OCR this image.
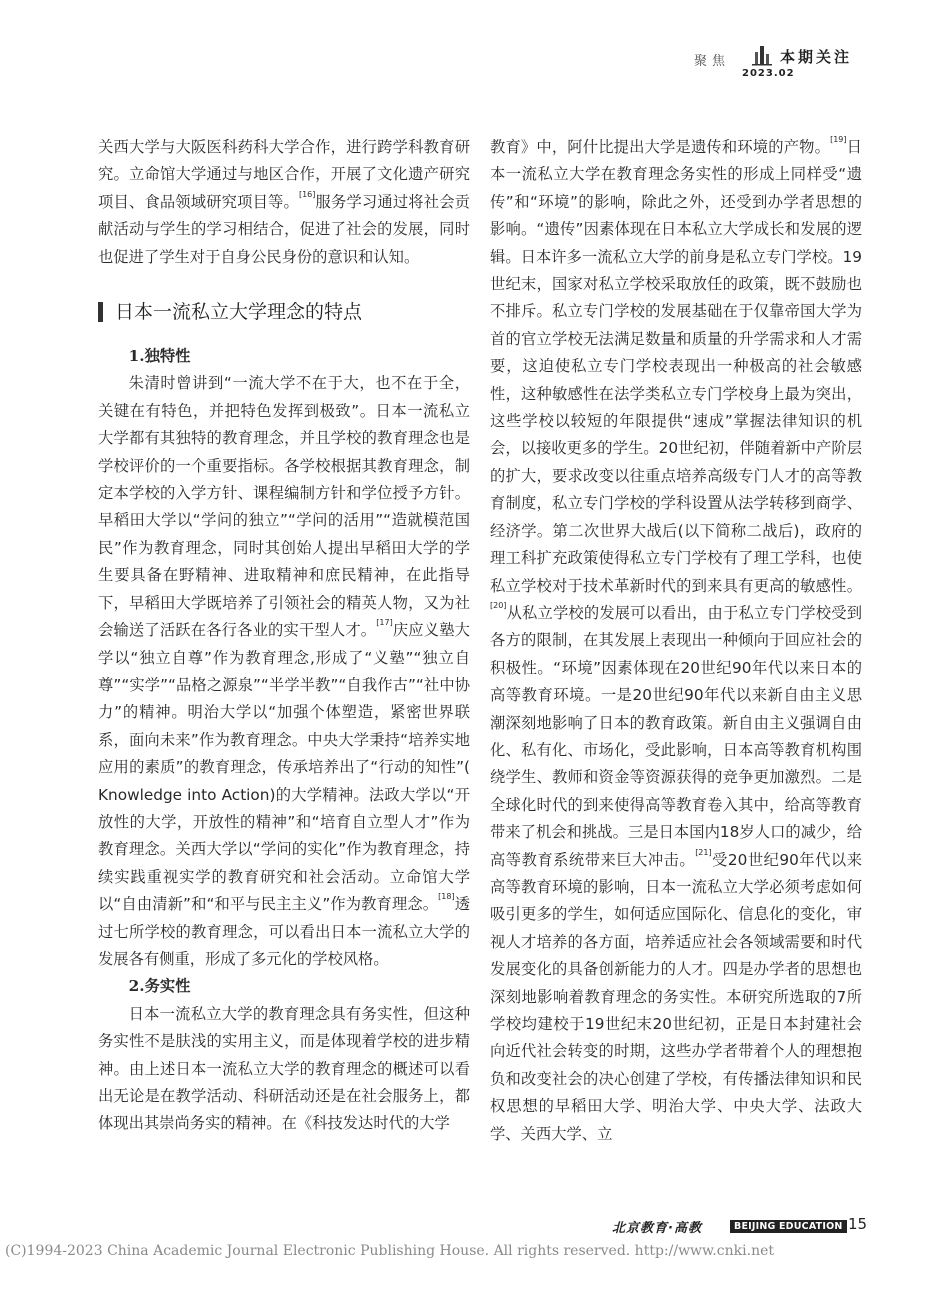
聚焦	本期关注
2023.02

关西大学与大阪医科药科大学合作，进行跨学科教育研究。立命馆大学通过与地区合作，开展了文化遗产研究项目、食品领域研究项目等。[16]服务学习通过将社会贡献活动与学生的学习相结合，促进了社会的发展，同时也促进了学生对于自身公民身份的意识和认知。

日本一流私立大学理念的特点

1.独特性

朱清时曾讲到“一流大学不在于大，也不在于全，关键在有特色，并把特色发挥到极致”。日本一流私立大学都有其独特的教育理念，并且学校的教育理念也是学校评价的一个重要指标。各学校根据其教育理念，制定本学校的入学方针、课程编制方针和学位授予方针。早稻田大学以“学问的独立”“学问的活用”“造就模范国民”作为教育理念，同时其创始人提出早稻田大学的学生要具备在野精神、进取精神和庶民精神，在此指导下，早稻田大学既培养了引领社会的精英人物，又为社会输送了活跃在各行各业的实干型人才。[17]庆应义塾大学以“独立自尊”作为教育理念,形成了“义塾”“独立自尊”“实学”“品格之源泉”“半学半教”“自我作古”“社中协力”的精神。明治大学以“加强个体塑造，紧密世界联系，面向未来”作为教育理念。中央大学秉持“培养实地应用的素质”的教育理念，传承培养出了“行动的知性”( Knowledge into Action)的大学精神。法政大学以“开放性的大学，开放性的精神”和“培育自立型人才”作为教育理念。关西大学以“学问的实化”作为教育理念，持续实践重视实学的教育研究和社会活动。立命馆大学以“自由清新”和“和平与民主主义”作为教育理念。[18]透过七所学校的教育理念，可以看出日本一流私立大学的发展各有侧重，形成了多元化的学校风格。

2.务实性

日本一流私立大学的教育理念具有务实性，但这种务实性不是肤浅的实用主义，而是体现着学校的进步精神。由上述日本一流私立大学的教育理念的概述可以看出无论是在教学活动、科研活动还是在社会服务上，都体现出其崇尚务实的精神。在《科技发达时代的大学

教育》中，阿什比提出大学是遗传和环境的产物。[19]日本一流私立大学在教育理念务实性的形成上同样受“遗传”和“环境”的影响，除此之外，还受到办学者思想的影响。“遗传”因素体现在日本私立大学成长和发展的逻辑。日本许多一流私立大学的前身是私立专门学校。19世纪末，国家对私立学校采取放任的政策，既不鼓励也不排斥。私立专门学校的发展基础在于仅靠帝国大学为首的官立学校无法满足数量和质量的升学需求和人才需要，这迫使私立专门学校表现出一种极高的社会敏感性，这种敏感性在法学类私立专门学校身上最为突出，这些学校以较短的年限提供“速成”掌握法律知识的机会，以接收更多的学生。20世纪初，伴随着新中产阶层的扩大，要求改变以往重点培养高级专门人才的高等教育制度，私立专门学校的学科设置从法学转移到商学、经济学。第二次世界大战后(以下简称二战后)，政府的理工科扩充政策使得私立专门学校有了理工学科，也使私立学校对于技术革新时代的到来具有更高的敏感性。[20]从私立学校的发展可以看出，由于私立专门学校受到各方的限制，在其发展上表现出一种倾向于回应社会的积极性。“环境”因素体现在20世纪90年代以来日本的高等教育环境。一是20世纪90年代以来新自由主义思潮深刻地影响了日本的教育政策。新自由主义强调自由化、私有化、市场化，受此影响，日本高等教育机构围绕学生、教师和资金等资源获得的竞争更加激烈。二是全球化时代的到来使得高等教育卷入其中，给高等教育带来了机会和挑战。三是日本国内18岁人口的减少，给高等教育系统带来巨大冲击。[21]受20世纪90年代以来高等教育环境的影响，日本一流私立大学必须考虑如何吸引更多的学生，如何适应国际化、信息化的变化，审视人才培养的各方面，培养适应社会各领域需要和时代发展变化的具备创新能力的人才。四是办学者的思想也深刻地影响着教育理念的务实性。本研究所选取的7所学校均建校于19世纪末20世纪初，正是日本封建社会向近代社会转变的时期，这些办学者带着个人的理想抱负和改变社会的决心创建了学校，有传播法律知识和民权思想的早稻田大学、明治大学、中央大学、法政大学、关西大学、立

北京教育·高教	BEIJING EDUCATION 15
(C)1994-2023 China Academic Journal Electronic Publishing House. All rights reserved. http://www.cnki.net
